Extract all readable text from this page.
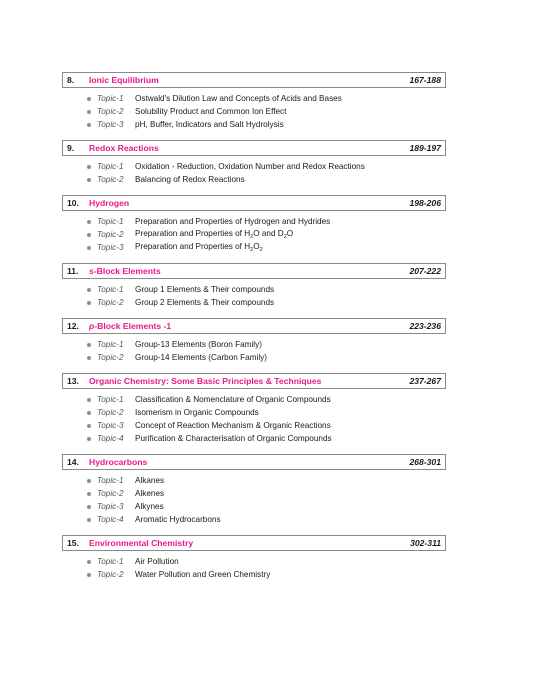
8.	Ionic Equilibrium	167-188
Topic-1	Ostwald's Dilution Law and Concepts of Acids and Bases
Topic-2	Solubility Product and Common Ion Effect
Topic-3	pH, Buffer, Indicators and Salt Hydrolysis
9.	Redox Reactions	189-197
Topic-1	Oxidation - Reduction, Oxidation Number and Redox Reactions
Topic-2	Balancing of Redox Reactions
10.	Hydrogen	198-206
Topic-1	Preparation and Properties of Hydrogen and Hydrides
Topic-2	Preparation and Properties of $H_2O$ and $D_2O$
Topic-3	Preparation and Properties of $H_2O_2$
11.	s-Block Elements	207-222
Topic-1	Group 1 Elements & Their compounds
Topic-2	Group 2 Elements & Their compounds
12.	p-Block Elements -1	223-236
Topic-1	Group-13 Elements (Boron Family)
Topic-2	Group-14 Elements (Carbon Family)
13.	Organic Chemistry: Some Basic Principles & Techniques	237-267
Topic-1	Classification & Nomenclature of Organic Compounds
Topic-2	Isomerism in Organic Compounds
Topic-3	Concept of Reaction Mechanism & Organic Reactions
Topic-4	Purification & Characterisation of Organic Compounds
14.	Hydrocarbons	268-301
Topic-1	Alkanes
Topic-2	Alkenes
Topic-3	Alkynes
Topic-4	Aromatic Hydrocarbons
15.	Environmental Chemistry	302-311
Topic-1	Air Pollution
Topic-2	Water Pollution and Green Chemistry
